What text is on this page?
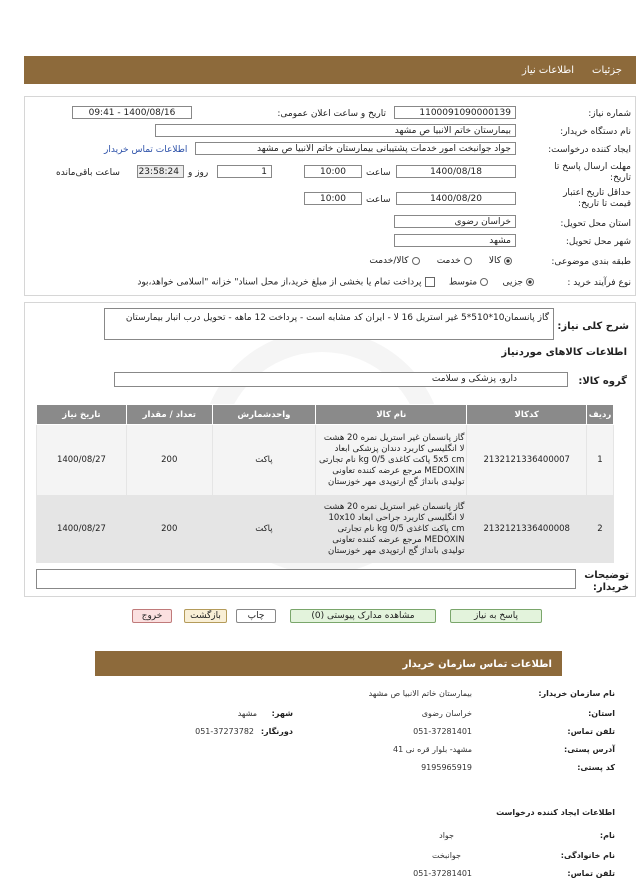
جزئیات
اطلاعات نیاز
شماره نیاز:
1100091090000139
تاریخ و ساعت اعلان عمومی:
1400/08/16 - 09:41
نام دستگاه خریدار:
بیمارستان خاتم الانبیا ص مشهد
ایجاد کننده درخواست:
جواد جوانبخت امور خدمات پشتیبانی بیمارستان خاتم الانبیا ص مشهد
اطلاعات تماس خریدار
مهلت ارسال پاسخ تا تاریخ:
1400/08/18
ساعت
10:00
1
روز و
23:58:24
ساعت باقی‌مانده
حداقل تاریخ اعتبار قیمت تا تاریخ:
1400/08/20
ساعت
10:00
استان محل تحویل:
خراسان رضوی
شهر محل تحویل:
مشهد
طبقه بندی موضوعی:
کالا      خدمت      کالا/خدمت
نوع فرآیند خرید :
جزیی     متوسط     پرداخت تمام یا بخشی از مبلغ خرید،از محل اسناد" خزانه "اسلامی خواهد،بود
شرح کلی نیاز:
گاز پانسمان10*510*5 غیر استریل 16 لا - ایران کد مشابه است - پرداخت 12 ماهه - تحویل درب انبار بیمارستان
اطلاعات کالاهای موردنیاز
گروه کالا:
دارو، پزشکی و سلامت
ردیف	کدکالا	نام کالا	واحدشمارش	تعداد / مقدار	تاریخ نیاز
1	2132121336400007	گاز پانسمان غیر استریل نمره 20 هشت لا انگلیسی کاربرد دندان پزشکی ابعاد 5x5 cm پاکت کاغذی 0/5 kg نام تجارتی MEDOXIN مرجع عرضه کننده تعاونی تولیدی بانداژ گج ارتوپدی مهر خوزستان	پاکت	200	1400/08/27
2	2132121336400008	گاز پانسمان غیر استریل نمره 20 هشت لا انگلیسی کاربرد جراحی ابعاد 10x10 cm پاکت کاغذی 0/5 kg نام تجارتی MEDOXIN مرجع عرضه کننده تعاونی تولیدی بانداژ گج ارتوپدی مهر خوزستان	پاکت	200	1400/08/27
توضیحات خریدار:
پاسخ به نیاز
مشاهده مدارک پیوستی (0)
چاپ
بازگشت
خروج
اطلاعات تماس سازمان خریدار
نام سازمان خریدار:
بیمارستان خاتم الانبیا ص مشهد
استان:
خراسان رضوی
شهر:
مشهد
تلفن تماس:
051-37281401
دورنگار:
051-37273782
آدرس پستی:
مشهد- بلوار قره نی 41
کد پستی:
9195965919
اطلاعات ایجاد کننده درخواست
نام:
جواد
نام خانوادگی:
جوانبخت
تلفن تماس:
051-37281401
